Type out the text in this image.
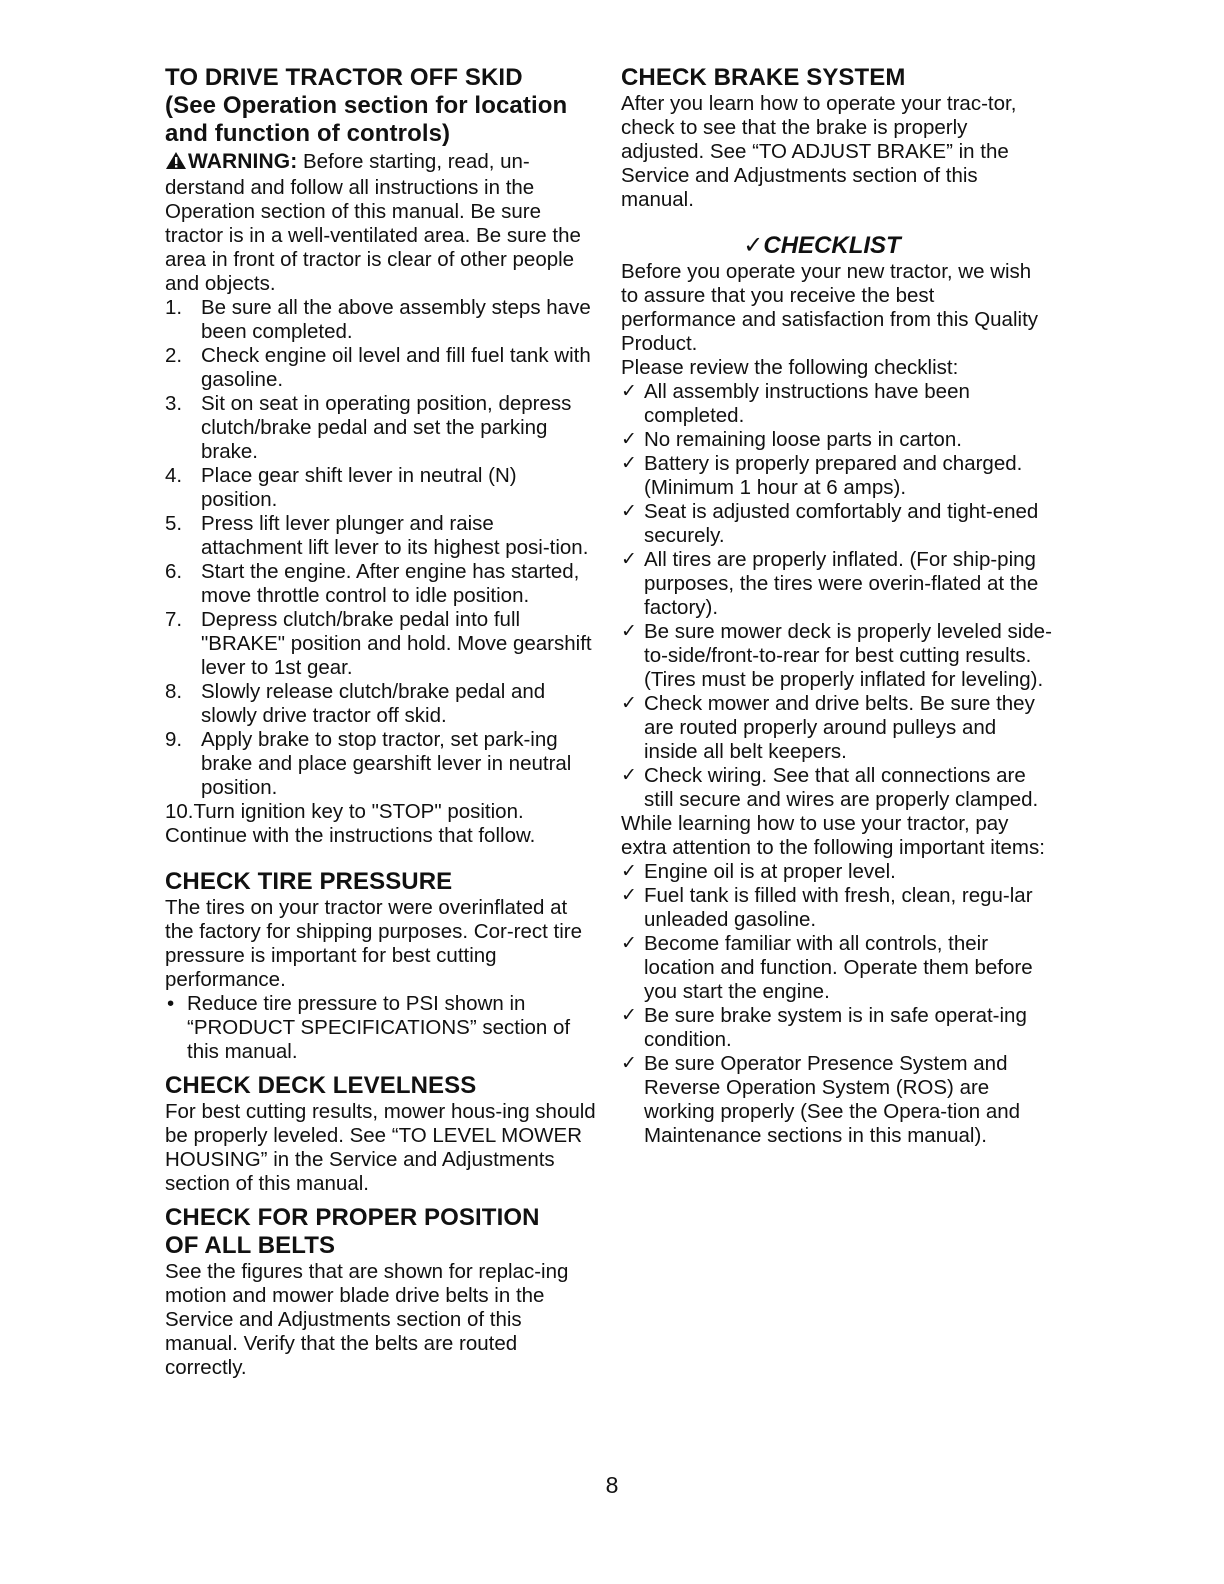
TO DRIVE TRACTOR OFF SKID
(See Operation section for location
and function of controls)

WARNING: Before starting, read, un-derstand and follow all instructions in the Operation section of this manual. Be sure tractor is in a well-ventilated area. Be sure the area in front of tractor is clear of other people and objects.

1. Be sure all the above assembly steps have been completed.
2. Check engine oil level and fill fuel tank with gasoline.
3. Sit on seat in operating position, depress clutch/brake pedal and set the parking brake.
4. Place gear shift lever in neutral (N) position.
5. Press lift lever plunger and raise attachment lift lever to its highest posi-tion.
6. Start the engine. After engine has started, move throttle control to idle position.
7. Depress clutch/brake pedal into full "BRAKE" position and hold. Move gearshift lever to 1st gear.
8. Slowly release clutch/brake pedal and slowly drive tractor off skid.
9. Apply brake to stop tractor, set park-ing brake and place gearshift lever in neutral position.

10.Turn ignition key to "STOP" position.

Continue with the instructions that follow.

CHECK TIRE PRESSURE

The tires on your tractor were overinflated at the factory for shipping purposes. Cor-rect tire pressure is important for best cutting performance.

• Reduce tire pressure to PSI shown in “PRODUCT SPECIFICATIONS” section of this manual.
CHECK DECK LEVELNESS

For best cutting results, mower hous-ing should be properly leveled. See “TO LEVEL MOWER HOUSING” in the Service and Adjustments section of this manual.

CHECK FOR PROPER POSITION
OF ALL BELTS

See the figures that are shown for replac-ing motion and mower blade drive belts in the Service and Adjustments section of this manual. Verify that the belts are routed correctly.

CHECK BRAKE SYSTEM

After you learn how to operate your trac-tor, check to see that the brake is properly adjusted. See “TO ADJUST BRAKE” in the Service and Adjustments section of this manual.

✓CHECKLIST

Before you operate your new tractor, we wish to assure that you receive the best performance and satisfaction from this Quality Product.

Please review the following checklist:

✓ All assembly instructions have been completed.
✓ No remaining loose parts in carton.
✓ Battery is properly prepared and charged. (Minimum 1 hour at 6 amps).
✓ Seat is adjusted comfortably and tight-ened securely.
✓ All tires are properly inflated. (For ship-ping purposes, the tires were overin-flated at the factory).
✓ Be sure mower deck is properly leveled side-to-side/front-to-rear for best cutting results. (Tires must be properly inflated for leveling).
✓ Check mower and drive belts. Be sure they are routed properly around pulleys and inside all belt keepers.
✓ Check wiring. See that all connections are still secure and wires are properly clamped.

While learning how to use your tractor, pay extra attention to the following important items:

✓ Engine oil is at proper level.
✓ Fuel tank is filled with fresh, clean, regu-lar unleaded gasoline.
✓ Become familiar with all controls, their location and function. Operate them before you start the engine.
✓ Be sure brake system is in safe operat-ing condition.
✓ Be sure Operator Presence System and Reverse Operation System (ROS) are working properly (See the Opera-tion and Maintenance sections in this manual).
8
